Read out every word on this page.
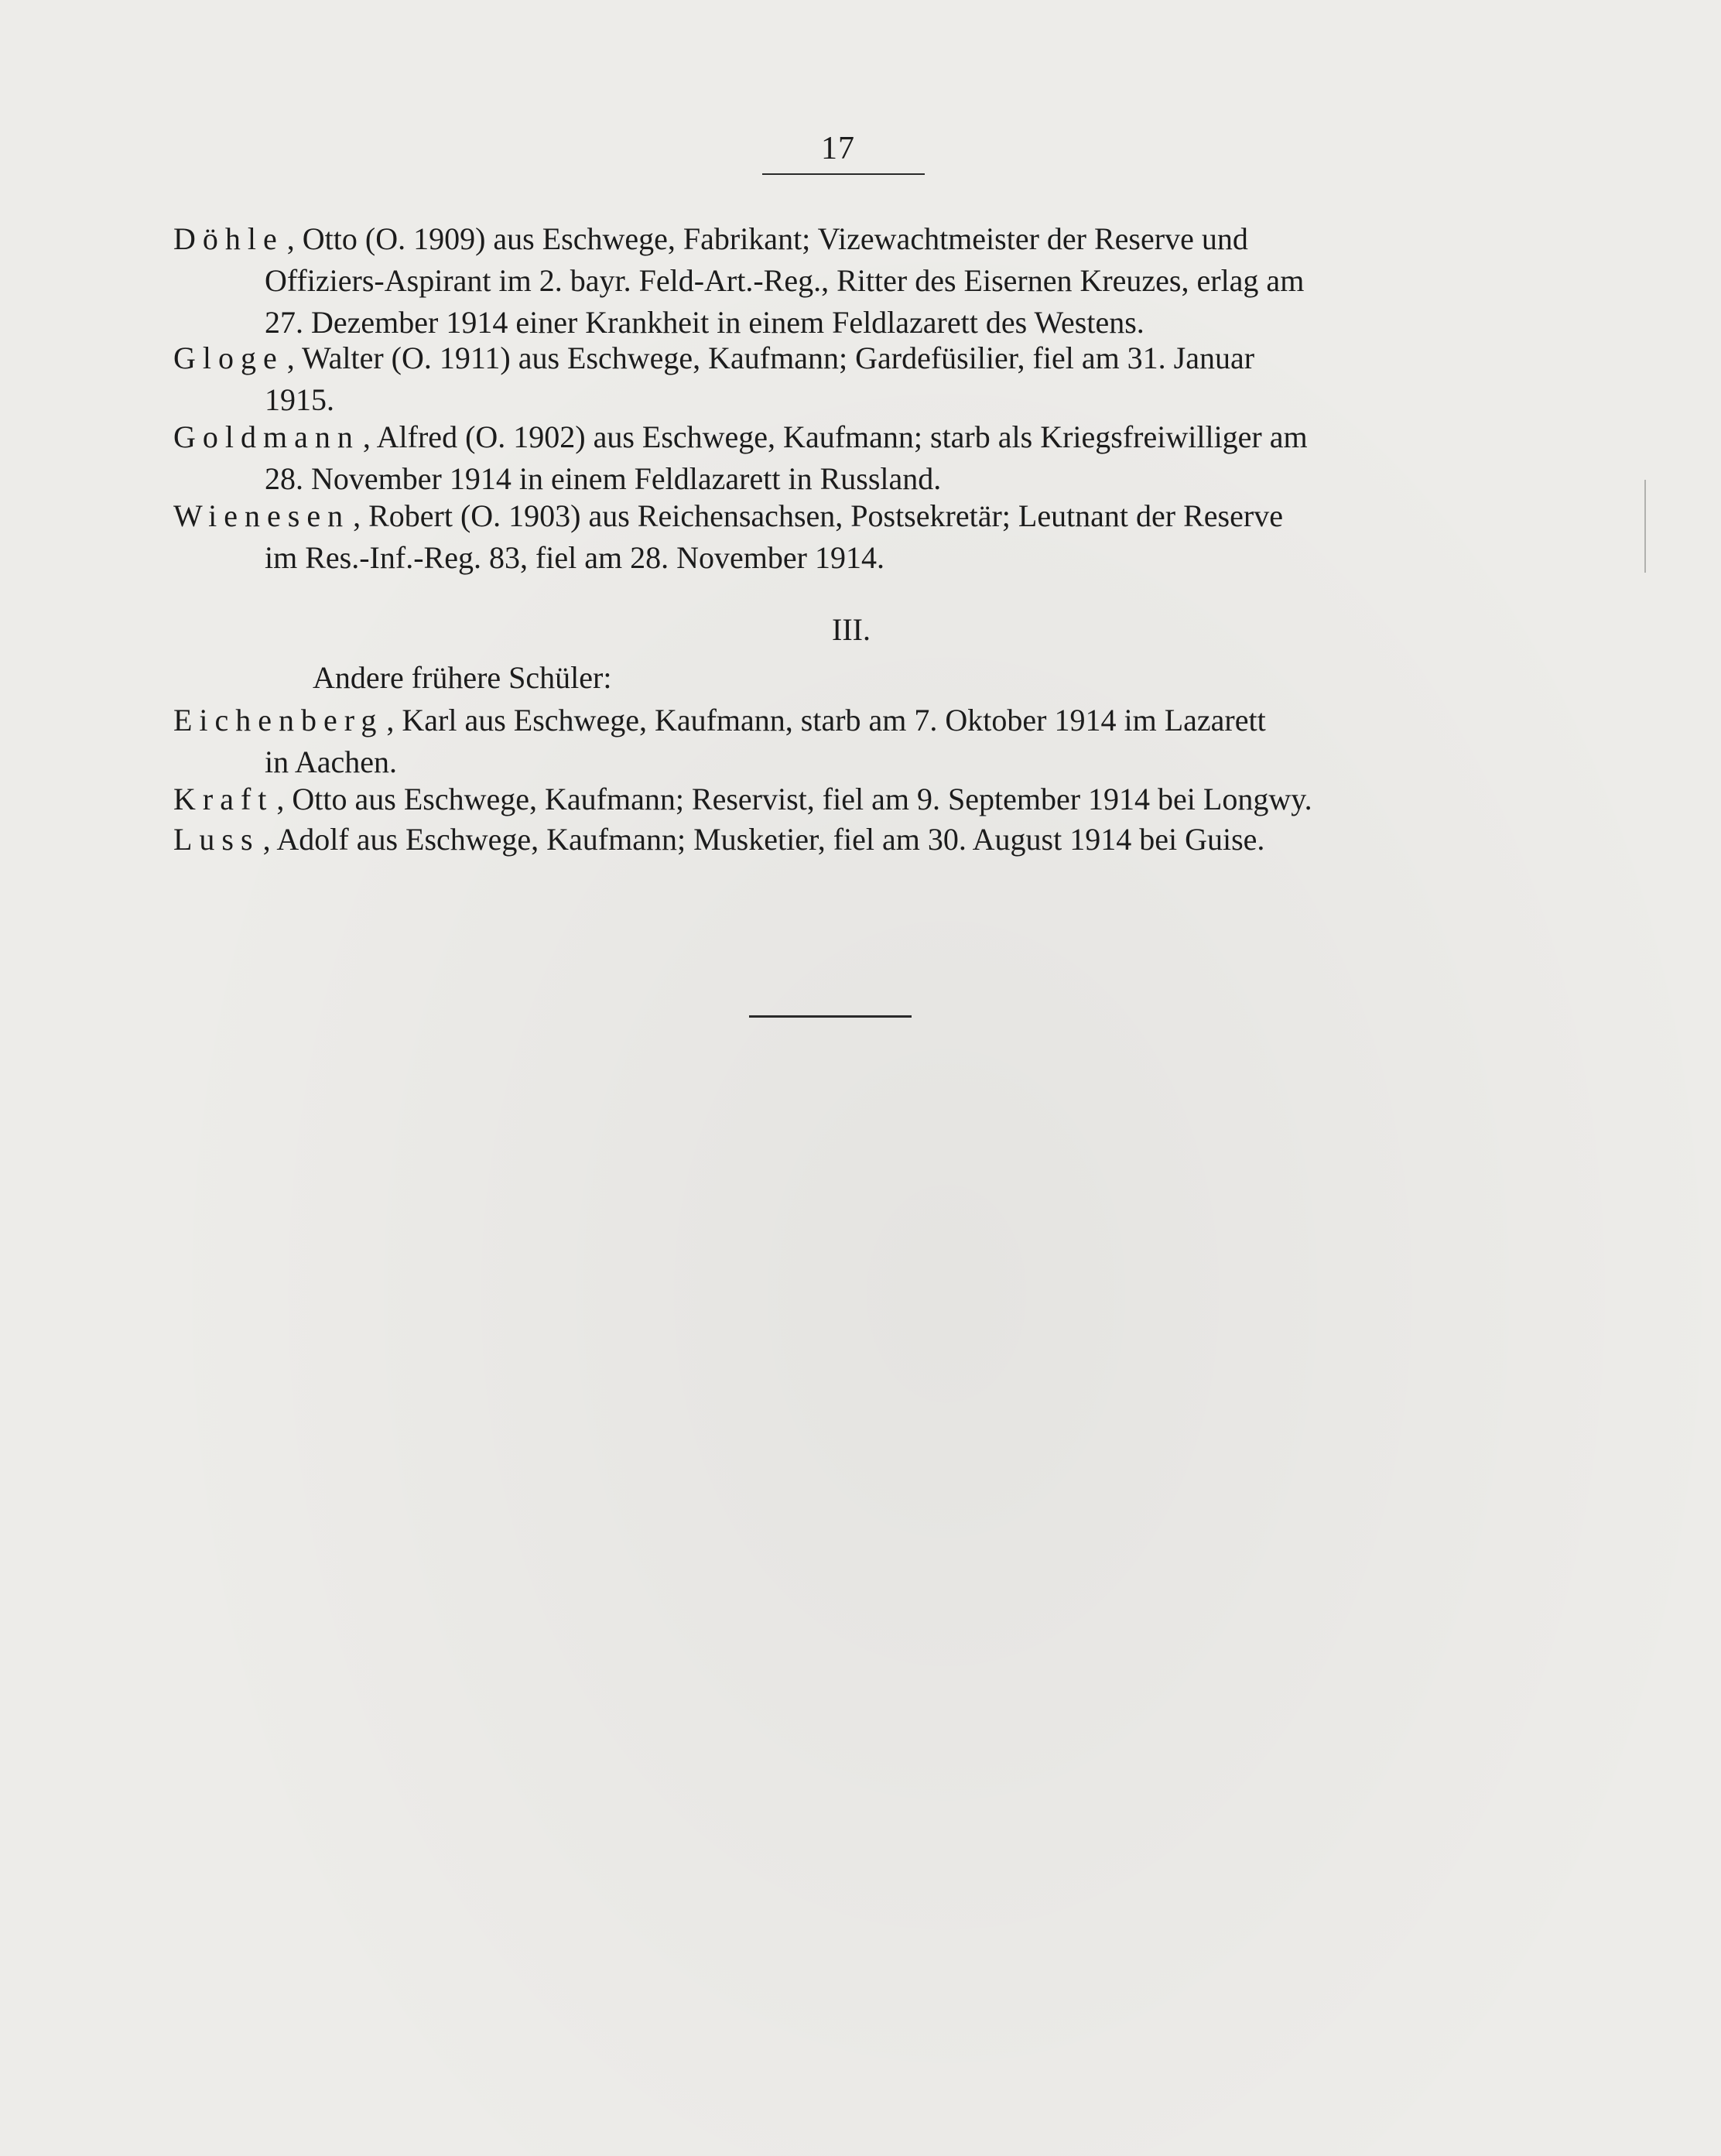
17
Döhle , Otto (O. 1909) aus Eschwege, Fabrikant; Vizewachtmeister der Reserve und
Offiziers-Aspirant im 2. bayr. Feld-Art.-Reg., Ritter des Eisernen Kreuzes, erlag am
27. Dezember 1914 einer Krankheit in einem Feldlazarett des Westens.
Gloge , Walter (O. 1911) aus Eschwege, Kaufmann; Gardefüsilier, fiel am 31. Januar
1915.
Goldmann , Alfred (O. 1902) aus Eschwege, Kaufmann; starb als Kriegsfreiwilliger am
28. November 1914 in einem Feldlazarett in Russland.
Wienesen , Robert (O. 1903) aus Reichensachsen, Postsekretär; Leutnant der Reserve
im Res.-Inf.-Reg. 83, fiel am 28. November 1914.
III.
Andere frühere Schüler:
Eichenberg , Karl aus Eschwege, Kaufmann, starb am 7. Oktober 1914 im Lazarett
in Aachen.
Kraft , Otto aus Eschwege, Kaufmann; Reservist, fiel am 9. September 1914 bei Longwy.
Luss , Adolf aus Eschwege, Kaufmann; Musketier, fiel am 30. August 1914 bei Guise.
